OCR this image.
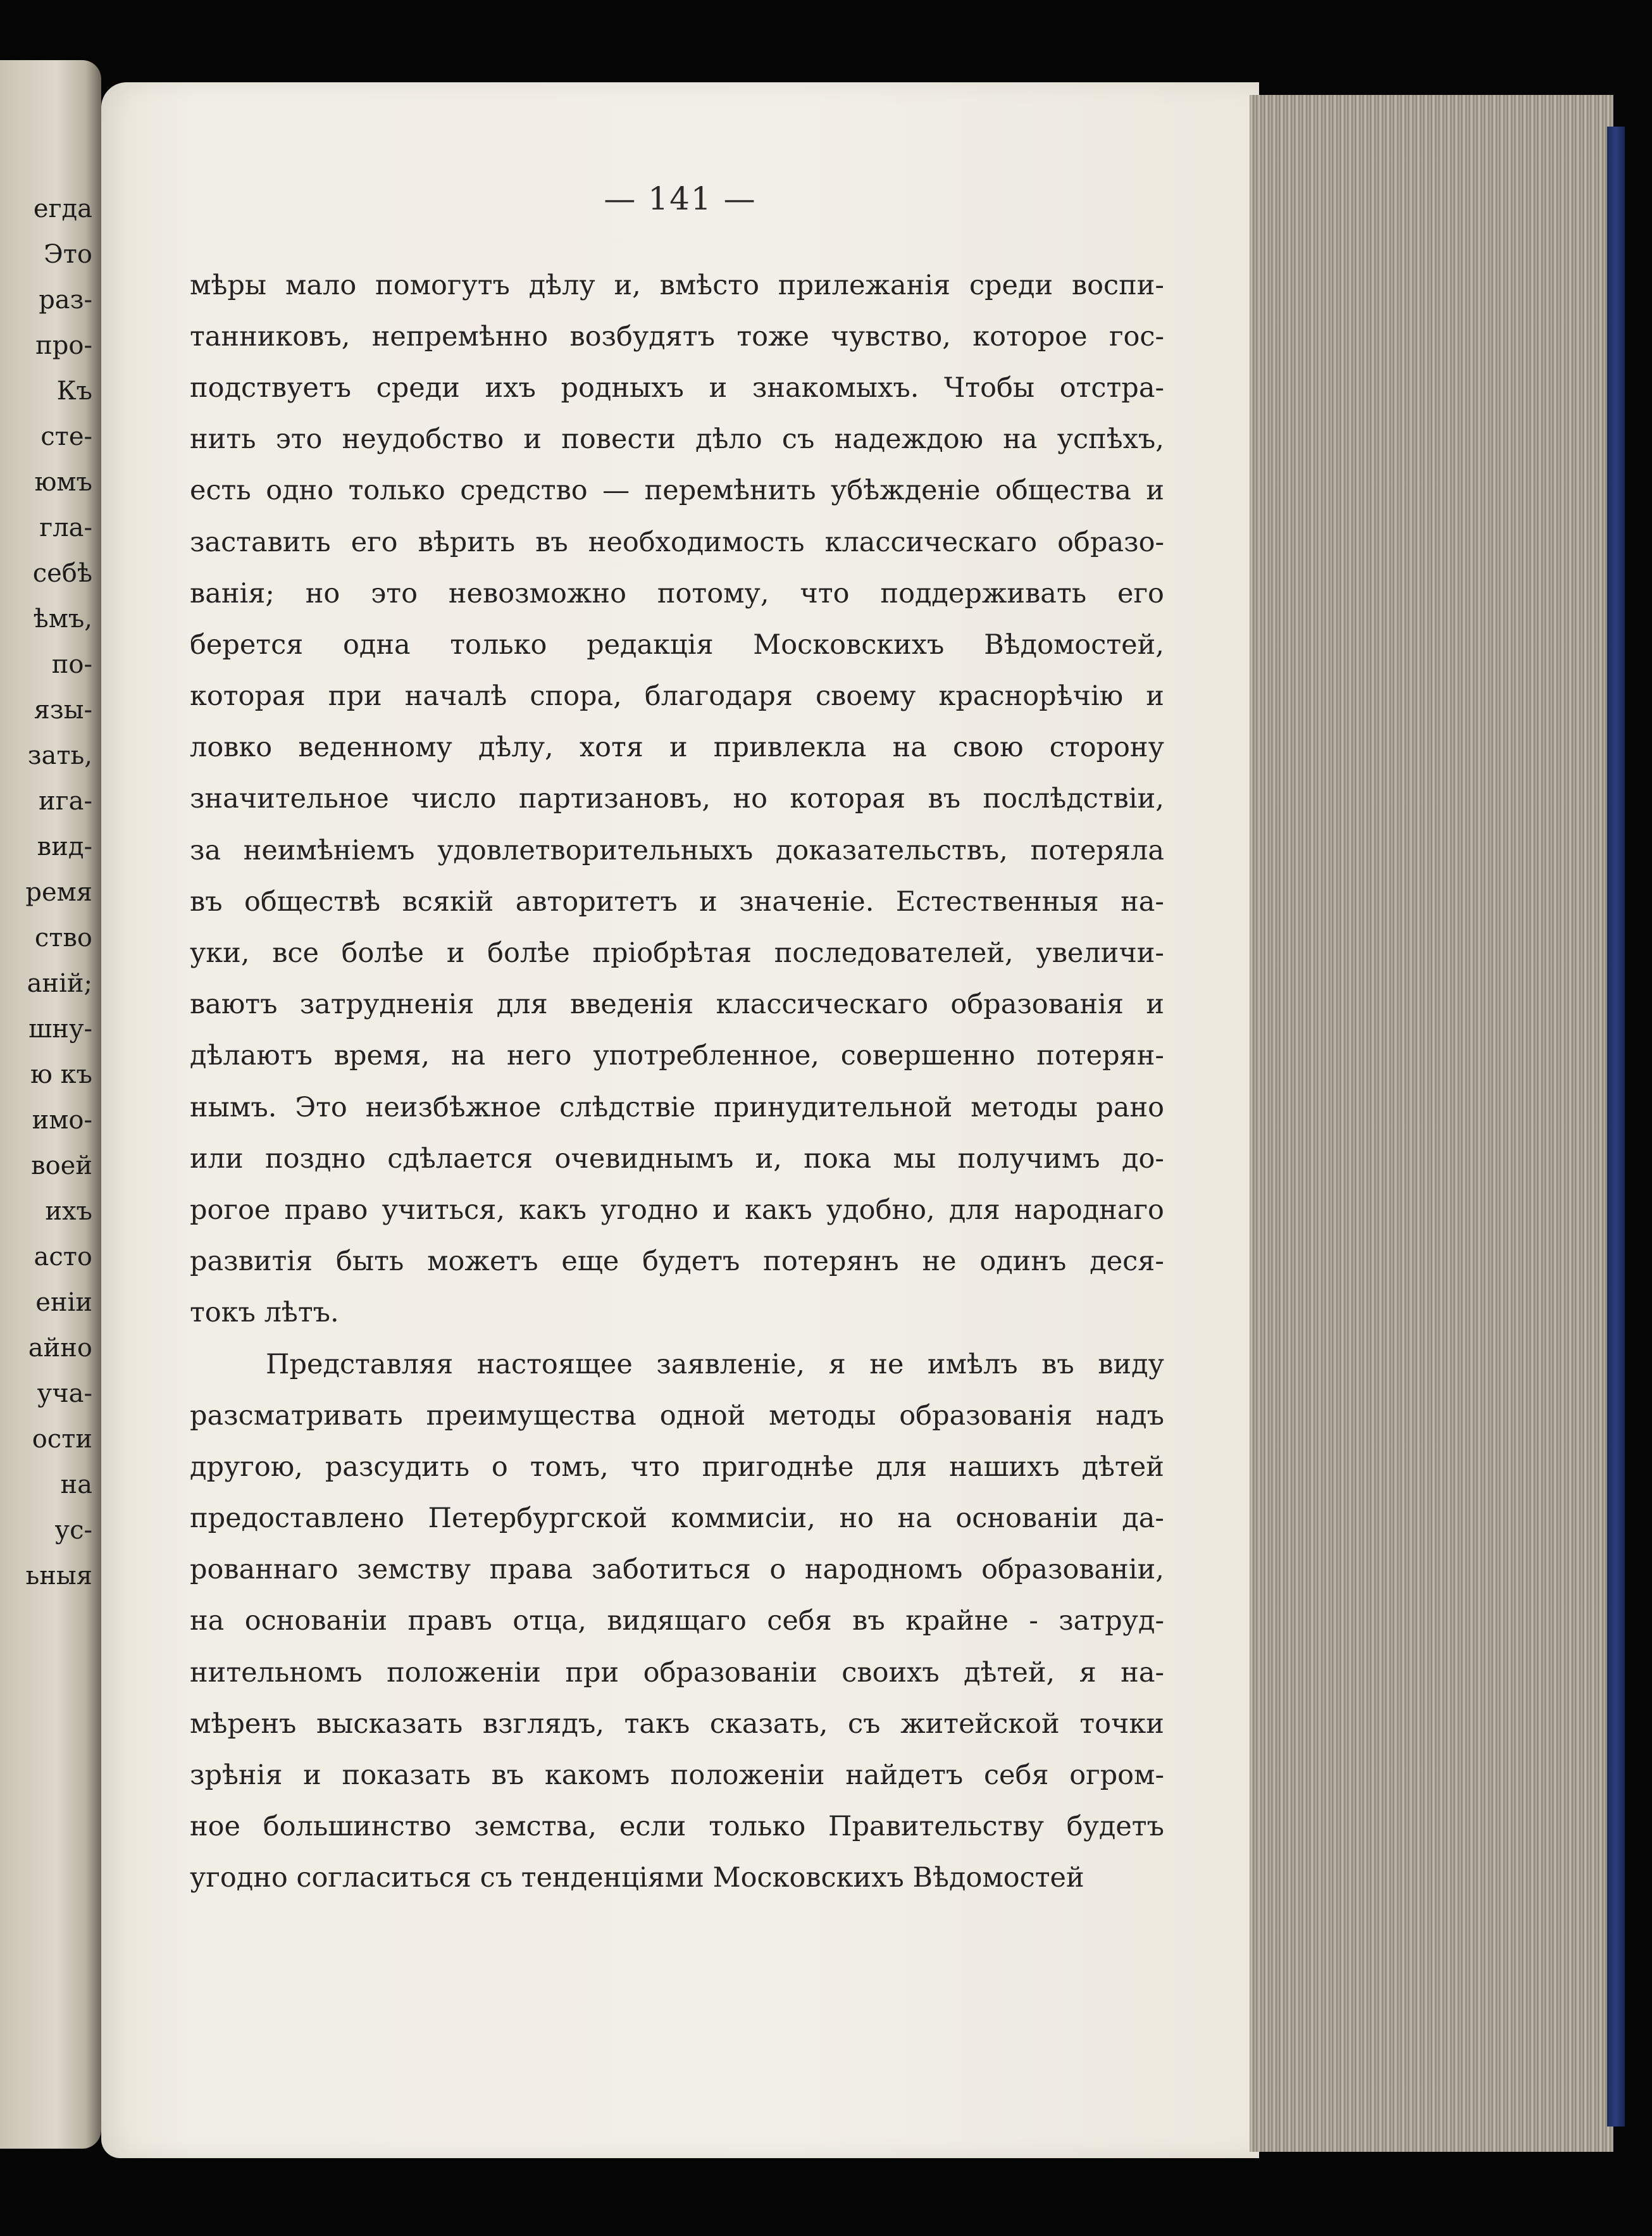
егда
Это
раз-
про-
Къ
сте-
юмъ
гла-
себѣ
ѣмъ,
по-
язы-
зать,
ига-
вид-
ремя
ство
аній;
шну-
ю къ
имо-
воей
ихъ
асто
еніи
айно
уча-
ости
на
ус-
ьныя
— 141 —
мѣры мало помогутъ дѣлу и, вмѣсто прилежанія среди воспи-
танниковъ, непремѣнно возбудятъ тоже чувство, которое гос-
подствуетъ среди ихъ родныхъ и знакомыхъ. Чтобы отстра-
нить это неудобство и повести дѣло съ надеждою на успѣхъ,
есть одно только средство — перемѣнить убѣжденіе общества и
заставить его вѣрить въ необходимость классическаго образо-
ванія; но это невозможно потому, что поддерживать его
берется одна только редакція Московскихъ Вѣдомостей,
которая при началѣ спора, благодаря своему краснорѣчію и
ловко веденному дѣлу, хотя и привлекла на свою сторону
значительное число партизановъ, но которая въ послѣдствіи,
за неимѣніемъ удовлетворительныхъ доказательствъ, потеряла
въ обществѣ всякій авторитетъ и значеніе. Естественныя на-
уки, все болѣе и болѣе пріобрѣтая последователей, увеличи-
ваютъ затрудненія для введенія классическаго образованія и
дѣлаютъ время, на него употребленное, совершенно потерян-
нымъ. Это неизбѣжное слѣдствіе принудительной методы рано
или поздно сдѣлается очевиднымъ и, пока мы получимъ до-
рогое право учиться, какъ угодно и какъ удобно, для народнаго
развитія быть можетъ еще будетъ потерянъ не одинъ деся-
токъ лѣтъ.
Представляя настоящее заявленіе, я не имѣлъ въ виду
разсматривать преимущества одной методы образованія надъ
другою, разсудить о томъ, что пригоднѣе для нашихъ дѣтей
предоставлено Петербургской коммисіи, но на основаніи да-
рованнаго земству права заботиться о народномъ образованіи,
на основаніи правъ отца, видящаго себя въ крайне - затруд-
нительномъ положеніи при образованіи своихъ дѣтей, я на-
мѣренъ высказать взглядъ, такъ сказать, съ житейской точки
зрѣнія и показать въ какомъ положеніи найдетъ себя огром-
ное большинство земства, если только Правительству будетъ
угодно согласиться съ тенденціями Московскихъ Вѣдомостей
